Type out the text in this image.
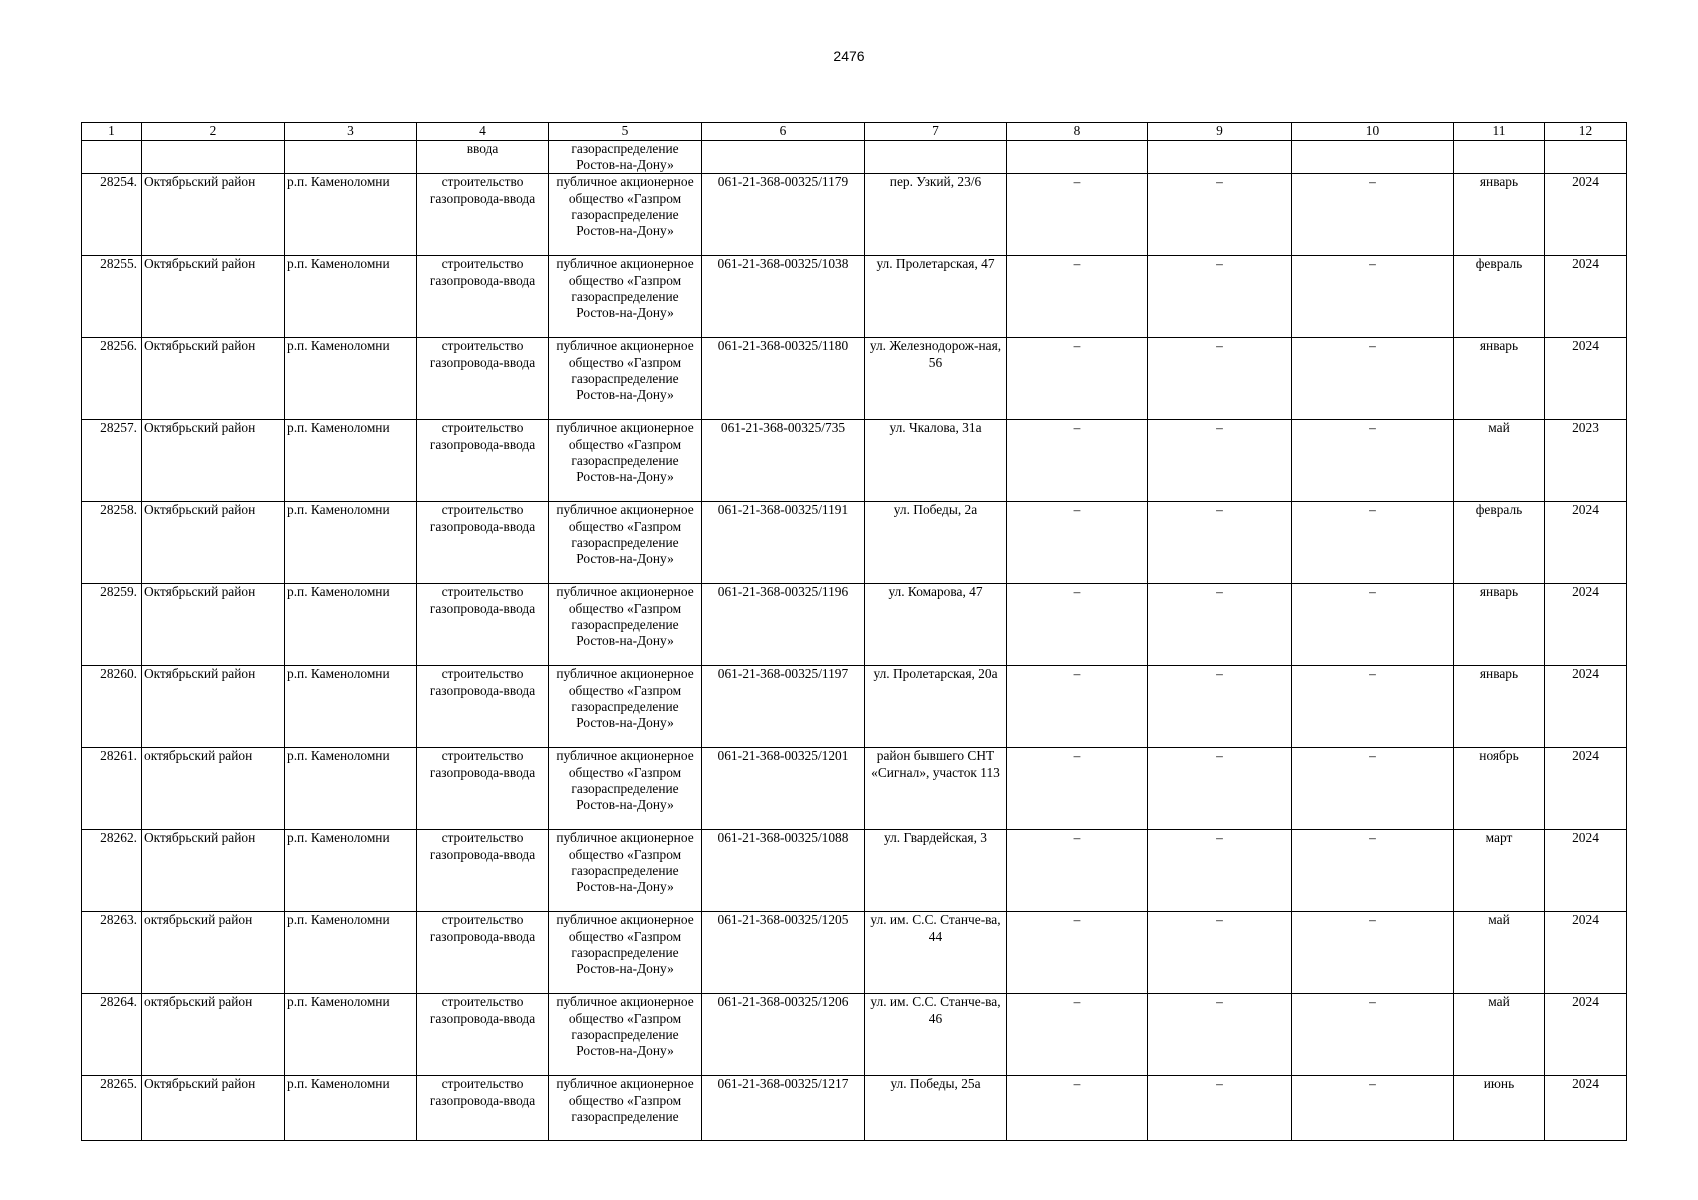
2476
1	2	3	4	5	6	7	8	9	10	11	12
			ввода	газораспределение Ростов-на-Дону»							
28254.	Октябрьский район	р.п. Каменоломни	строительство газопровода-ввода	публичное акционерное общество «Газпром газораспределение Ростов-на-Дону»	061-21-368-00325/1179	пер. Узкий, 23/6	–	–	–	январь	2024
28255.	Октябрьский район	р.п. Каменоломни	строительство газопровода-ввода	публичное акционерное общество «Газпром газораспределение Ростов-на-Дону»	061-21-368-00325/1038	ул. Пролетарская, 47	–	–	–	февраль	2024
28256.	Октябрьский район	р.п. Каменоломни	строительство газопровода-ввода	публичное акционерное общество «Газпром газораспределение Ростов-на-Дону»	061-21-368-00325/1180	ул. Железнодорож-ная, 56	–	–	–	январь	2024
28257.	Октябрьский район	р.п. Каменоломни	строительство газопровода-ввода	публичное акционерное общество «Газпром газораспределение Ростов-на-Дону»	061-21-368-00325/735	ул. Чкалова, 31а	–	–	–	май	2023
28258.	Октябрьский район	р.п. Каменоломни	строительство газопровода-ввода	публичное акционерное общество «Газпром газораспределение Ростов-на-Дону»	061-21-368-00325/1191	ул. Победы, 2а	–	–	–	февраль	2024
28259.	Октябрьский район	р.п. Каменоломни	строительство газопровода-ввода	публичное акционерное общество «Газпром газораспределение Ростов-на-Дону»	061-21-368-00325/1196	ул. Комарова, 47	–	–	–	январь	2024
28260.	Октябрьский район	р.п. Каменоломни	строительство газопровода-ввода	публичное акционерное общество «Газпром газораспределение Ростов-на-Дону»	061-21-368-00325/1197	ул. Пролетарская, 20а	–	–	–	январь	2024
28261.	октябрьский район	р.п. Каменоломни	строительство газопровода-ввода	публичное акционерное общество «Газпром газораспределение Ростов-на-Дону»	061-21-368-00325/1201	район бывшего СНТ «Сигнал», участок 113	–	–	–	ноябрь	2024
28262.	Октябрьский район	р.п. Каменоломни	строительство газопровода-ввода	публичное акционерное общество «Газпром газораспределение Ростов-на-Дону»	061-21-368-00325/1088	ул. Гвардейская, 3	–	–	–	март	2024
28263.	октябрьский район	р.п. Каменоломни	строительство газопровода-ввода	публичное акционерное общество «Газпром газораспределение Ростов-на-Дону»	061-21-368-00325/1205	ул. им. С.С. Станче-ва, 44	–	–	–	май	2024
28264.	октябрьский район	р.п. Каменоломни	строительство газопровода-ввода	публичное акционерное общество «Газпром газораспределение Ростов-на-Дону»	061-21-368-00325/1206	ул. им. С.С. Станче-ва, 46	–	–	–	май	2024
28265.	Октябрьский район	р.п. Каменоломни	строительство газопровода-ввода	публичное акционерное общество «Газпром газораспределение	061-21-368-00325/1217	ул. Победы, 25а	–	–	–	июнь	2024
